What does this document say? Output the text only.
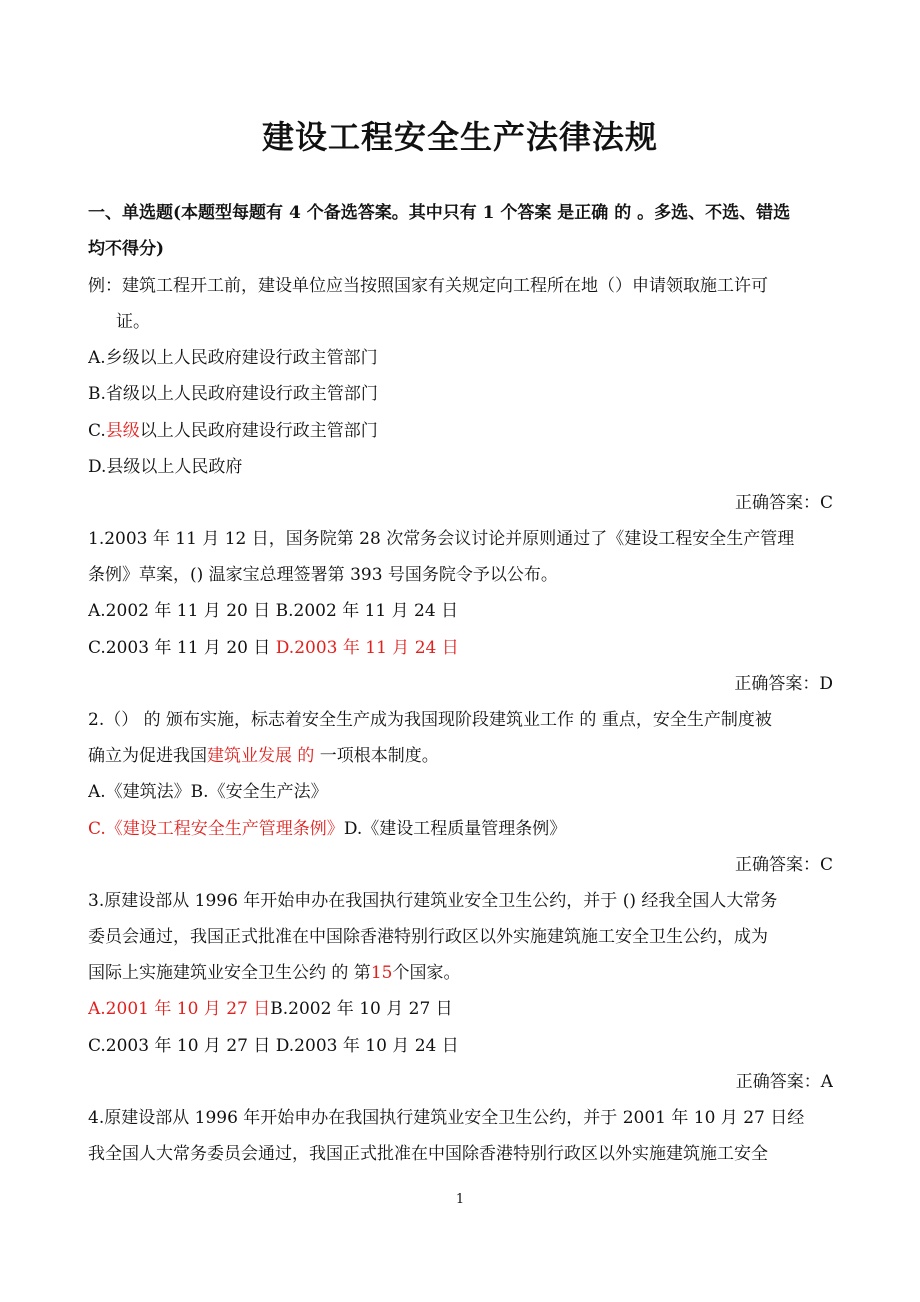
建设工程安全生产法律法规
一、单选题(本题型每题有 4 个备选答案。其中只有 1 个答案 是正确 的 。多选、不选、错选
均不得分)
例：建筑工程开工前，建设单位应当按照国家有关规定向工程所在地（）申请领取施工许可
证。
A.乡级以上人民政府建设行政主管部门
B.省级以上人民政府建设行政主管部门
C.县级以上人民政府建设行政主管部门
D.县级以上人民政府
正确答案：C
1.2003 年 11 月 12 日，国务院第 28 次常务会议讨论并原则通过了《建设工程安全生产管理
条例》草案，() 温家宝总理签署第 393 号国务院令予以公布。
A.2002 年 11 月 20 日 B.2002 年 11 月 24 日
C.2003 年 11 月 20 日 D.2003 年 11 月 24 日
正确答案：D
2.（） 的 颁布实施，标志着安全生产成为我国现阶段建筑业工作 的 重点，安全生产制度被
确立为促进我国建筑业发展 的 一项根本制度。
A.《建筑法》B.《安全生产法》
C.《建设工程安全生产管理条例》D.《建设工程质量管理条例》
正确答案：C
3.原建设部从 1996 年开始申办在我国执行建筑业安全卫生公约，并于 () 经我全国人大常务
委员会通过，我国正式批准在中国除香港特别行政区以外实施建筑施工安全卫生公约，成为
国际上实施建筑业安全卫生公约 的 第15个国家。
A.2001 年 10 月 27 日B.2002 年 10 月 27 日
C.2003 年 10 月 27 日 D.2003 年 10 月 24 日
正确答案：A
4.原建设部从 1996 年开始申办在我国执行建筑业安全卫生公约，并于 2001 年 10 月 27 日经
我全国人大常务委员会通过，我国正式批准在中国除香港特别行政区以外实施建筑施工安全
1
